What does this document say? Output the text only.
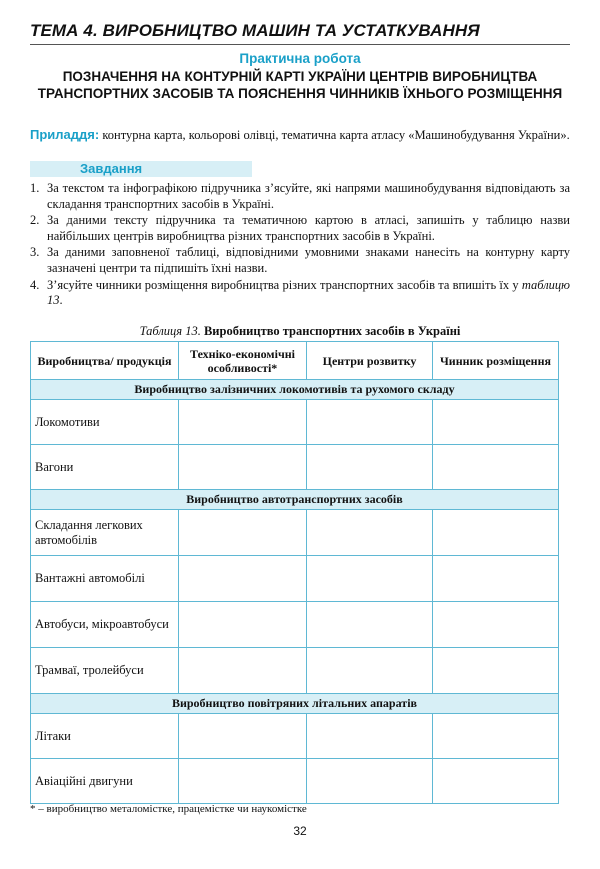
ТЕМА 4. ВИРОБНИЦТВО МАШИН ТА УСТАТКУВАННЯ
Практична робота
ПОЗНАЧЕННЯ НА КОНТУРНІЙ КАРТІ УКРАЇНИ ЦЕНТРІВ ВИРОБНИЦТВА ТРАНСПОРТНИХ ЗАСОБІВ ТА ПОЯСНЕННЯ ЧИННИКІВ ЇХНЬОГО РОЗМІЩЕННЯ
Приладдя: контурна карта, кольорові олівці, тематична карта атласу «Машинобудування України».
Завдання
1. За текстом та інфографікою підручника з’ясуйте, які напрями машинобудування відповідають за складання транспортних засобів в Україні.
2. За даними тексту підручника та тематичною картою в атласі, запишіть у таблицю назви найбільших центрів виробництва різних транспортних засобів в Україні.
3. За даними заповненої таблиці, відповідними умовними знаками нанесіть на контурну карту зазначені центри та підпишіть їхні назви.
4. З’ясуйте чинники розміщення виробництва різних транспортних засобів та впишіть їх у таблицю 13.
Таблиця 13. Виробництво транспортних засобів в Україні
Виробництва/ продукція	Техніко-економічні особливості*	Центри розвитку	Чинник розміщення
Виробництво залізничних локомотивів та рухомого складу			
Локомотиви			
Вагони			
Виробництво автотранспортних засобів			
Складання легкових автомобілів			
Вантажні автомобілі			
Автобуси, мікроавтобуси			
Трамваї, тролейбуси			
Виробництво повітряних літальних апаратів			
Літаки			
Авіаційні двигуни			
* – виробництво металомістке, працемістке чи наукомістке
32
